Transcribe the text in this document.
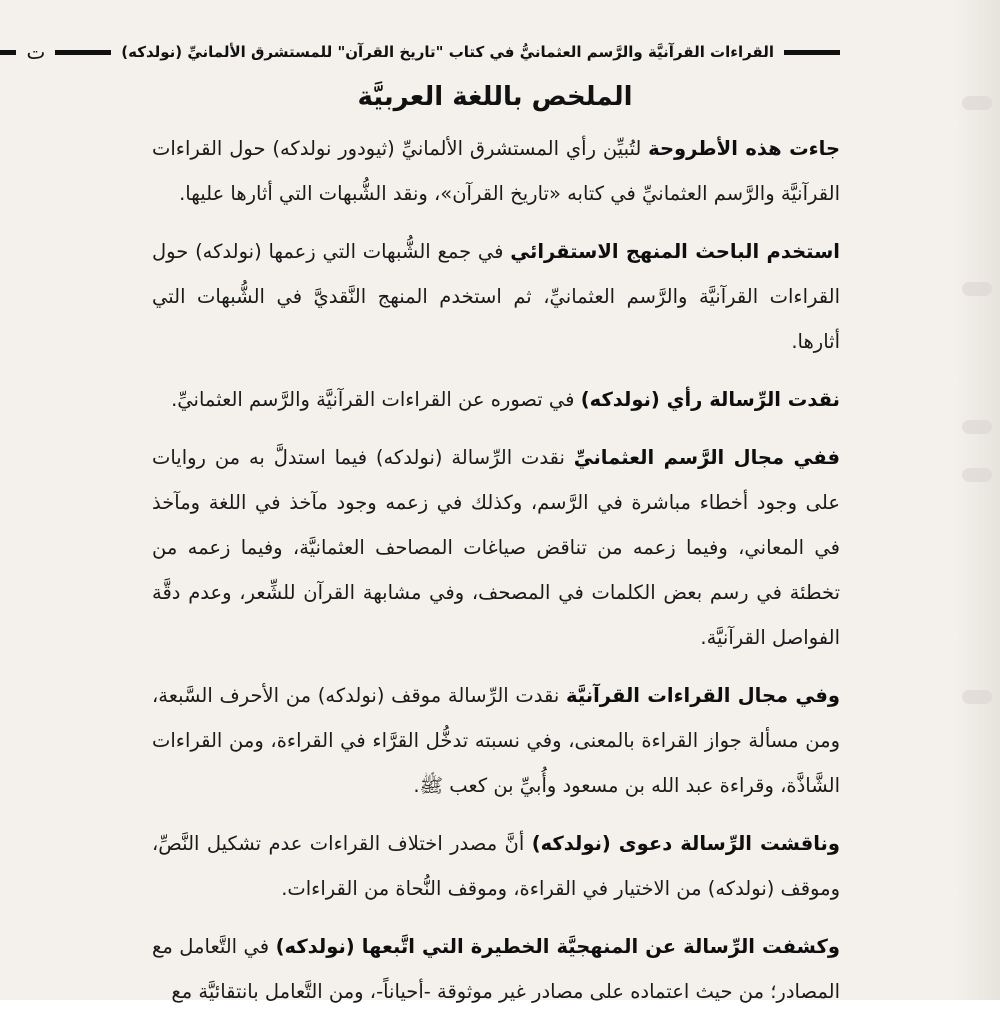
القراءات القرآنيَّة والرَّسم العثمانيُّ في كتاب "تاريخ القرآن" للمستشرق الألمانيِّ (نولدكه)
ت
الملخص باللغة العربيَّة

جاءت هذه الأطروحة لتُبيِّن رأي المستشرق الألمانيِّ (ثيودور نولدكه) حول القراءات القرآنيَّة والرَّسم العثمانيِّ في كتابه «تاريخ القرآن»، ونقد الشُّبهات التي أثارها عليها.

استخدم الباحث المنهج الاستقرائي في جمع الشُّبهات التي زعمها (نولدكه) حول القراءات القرآنيَّة والرَّسم العثمانيِّ، ثم استخدم المنهج النَّقديَّ في الشُّبهات التي أثارها.

نقدت الرِّسالة رأي (نولدكه) في تصوره عن القراءات القرآنيَّة والرَّسم العثمانيِّ.

ففي مجال الرَّسم العثمانيِّ نقدت الرِّسالة (نولدكه) فيما استدلَّ به من روايات على وجود أخطاء مباشرة في الرَّسم، وكذلك في زعمه وجود مآخذ في اللغة ومآخذ في المعاني، وفيما زعمه من تناقض صياغات المصاحف العثمانيَّة، وفيما زعمه من تخطئة في رسم بعض الكلمات في المصحف، وفي مشابهة القرآن للشِّعر، وعدم دقَّة الفواصل القرآنيَّة.

وفي مجال القراءات القرآنيَّة نقدت الرِّسالة موقف (نولدكه) من الأحرف السَّبعة، ومن مسألة جواز القراءة بالمعنى، وفي نسبته تدخُّل القرَّاء في القراءة، ومن القراءات الشَّاذَّة، وقراءة عبد الله بن مسعود وأُبيِّ بن كعب ﷺ.

وناقشت الرِّسالة دعوى (نولدكه) أنَّ مصدر اختلاف القراءات عدم تشكيل النَّصِّ، وموقف (نولدكه) من الاختيار في القراءة، وموقف النُّحاة من القراءات.

وكشفت الرِّسالة عن المنهجيَّة الخطيرة التي اتَّبعها (نولدكه) في التَّعامل مع المصادر؛ من حيث اعتماده على مصادر غير موثوقة -أحياناً-، ومن التَّعامل بانتقائيَّة مع
